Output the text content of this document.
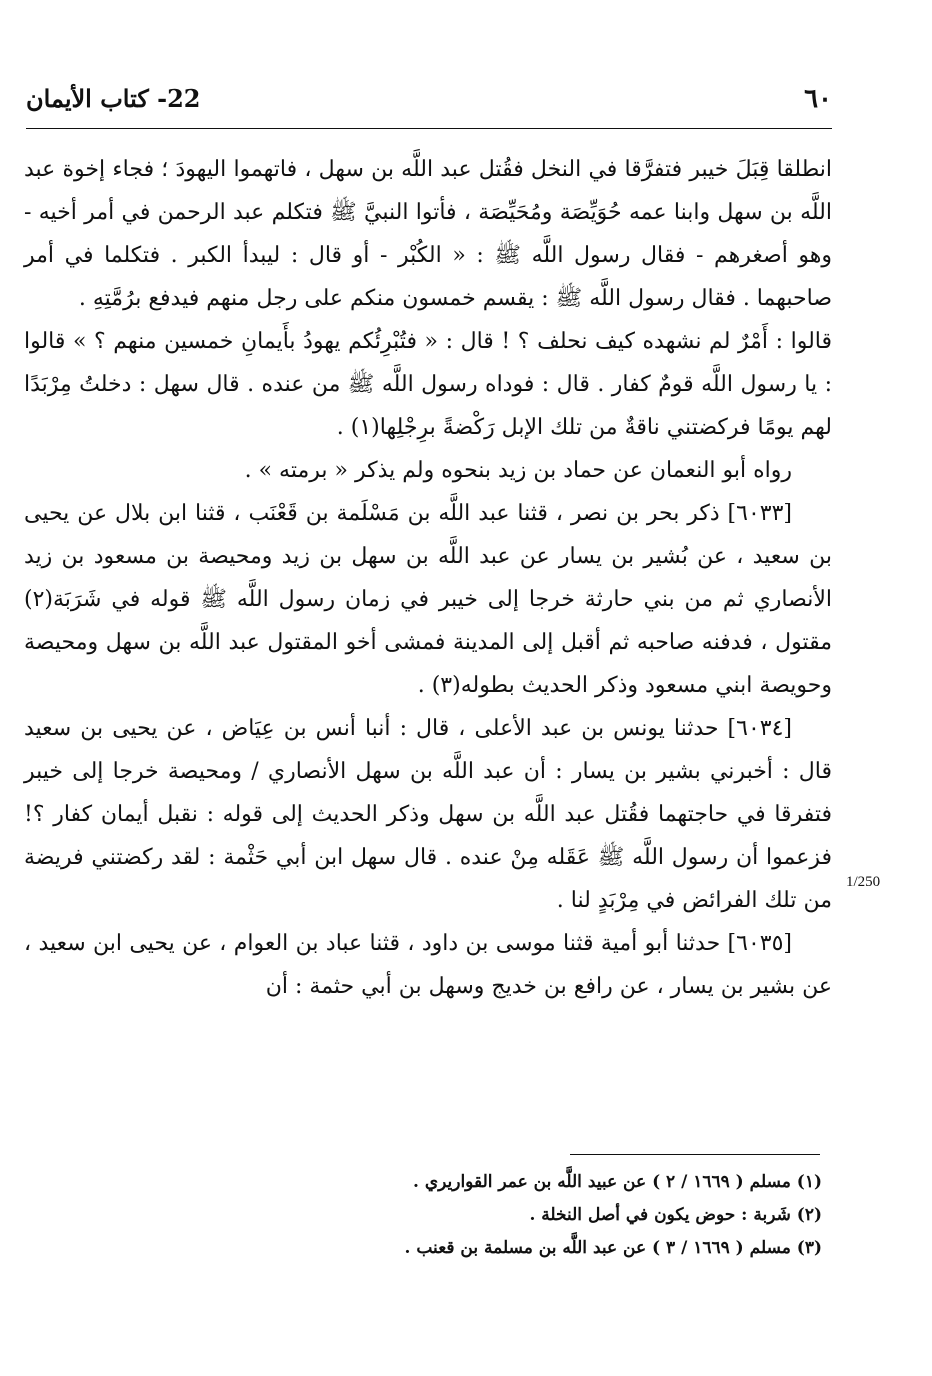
٦٠
22- كتاب الأيمان

انطلقا قِبَلَ خيبر فتفرَّقا في النخل فقُتل عبد اللَّه بن سهل ، فاتهموا اليهودَ ؛ فجاء إخوة عبد اللَّه بن سهل وابنا عمه حُوَيِّصَة ومُحَيِّصَة ، فأتوا النبيَّ ﷺ فتكلم عبد الرحمن في أمر أخيه - وهو أصغرهم - فقال رسول اللَّه ﷺ : « الكُبْر - أو قال : ليبدأ الكبر . فتكلما في أمر صاحبهما . فقال رسول اللَّه ﷺ : يقسم خمسون منكم على رجل منهم فيدفع برُمَّتِهِ .

قالوا : أَمْرٌ لم نشهده كيف نحلف ؟ ! قال : « فتُبْرِئُكم يهودُ بأَيمانِ خمسين منهم ؟ » قالوا : يا رسول اللَّه قومٌ كفار . قال : فوداه رسول اللَّه ﷺ من عنده . قال سهل : دخلتُ مِرْبَدًا لهم يومًا فركضتني ناقةٌ من تلك الإبل رَكْضةً برِجْلِها(١) .

رواه أبو النعمان عن حماد بن زيد بنحوه ولم يذكر « برمته » .

[٦٠٣٣] ذكر بحر بن نصر ، قثنا عبد اللَّه بن مَسْلَمة بن قَعْنَب ، قثنا ابن بلال عن يحيى بن سعيد ، عن بُشير بن يسار عن عبد اللَّه بن سهل بن زيد ومحيصة بن مسعود بن زيد الأنصاري ثم من بني حارثة خرجا إلى خيبر في زمان رسول اللَّه ﷺ قوله في شَرَبَة(٢) مقتول ، فدفنه صاحبه ثم أقبل إلى المدينة فمشى أخو المقتول عبد اللَّه بن سهل ومحيصة وحويصة ابني مسعود وذكر الحديث بطوله(٣) .

[٦٠٣٤] حدثنا يونس بن عبد الأعلى ، قال : أنبا أنس بن عِيَاض ، عن يحيى بن سعيد قال : أخبرني بشير بن يسار : أن عبد اللَّه بن سهل الأنصاري / ومحيصة خرجا إلى خيبر فتفرقا في حاجتهما فقُتل عبد اللَّه بن سهل وذكر الحديث إلى قوله : نقبل أيمان كفار ؟! فزعموا أن رسول اللَّه ﷺ عَقَله مِنْ عنده . قال سهل ابن أبي حَثْمة : لقد ركضتني فريضة من تلك الفرائض في مِرْبَدٍ لنا .

[٦٠٣٥] حدثنا أبو أمية قثنا موسى بن داود ، قثنا عباد بن العوام ، عن يحيى ابن سعيد ، عن بشير بن يسار ، عن رافع بن خديج وسهل بن أبي حثمة : أن

1/250
(١) مسلم ( ١٦٦٩ / ٢ ) عن عبيد اللَّه بن عمر القواريري .
(٢) شَربة : حوض يكون في أصل النخلة .
(٣) مسلم ( ١٦٦٩ / ٣ ) عن عبد اللَّه بن مسلمة بن قعنب .
